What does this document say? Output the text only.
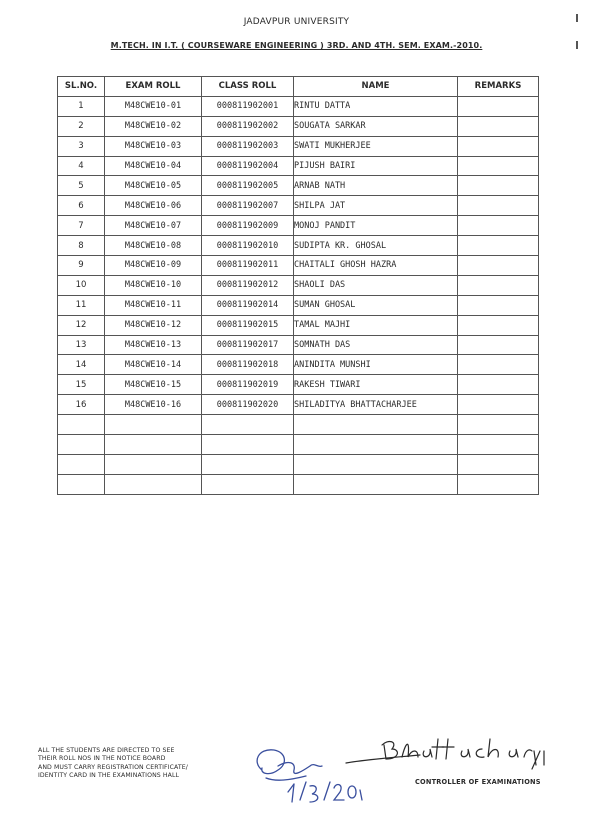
JADAVPUR UNIVERSITY
M.TECH. IN I.T. ( COURSEWARE ENGINEERING ) 3RD. AND 4TH. SEM. EXAM.-2010.
SL.NO.	EXAM ROLL	CLASS ROLL	NAME	REMARKS
1	M48CWE10-01	000811902001	RINTU DATTA	
2	M48CWE10-02	000811902002	SOUGATA SARKAR	
3	M48CWE10-03	000811902003	SWATI MUKHERJEE	
4	M48CWE10-04	000811902004	PIJUSH BAIRI	
5	M48CWE10-05	000811902005	ARNAB NATH	
6	M48CWE10-06	000811902007	SHILPA JAT	
7	M48CWE10-07	000811902009	MONOJ PANDIT	
8	M48CWE10-08	000811902010	SUDIPTA KR. GHOSAL	
9	M48CWE10-09	000811902011	CHAITALI GHOSH HAZRA	
10	M48CWE10-10	000811902012	SHAOLI DAS	
11	M48CWE10-11	000811902014	SUMAN GHOSAL	
12	M48CWE10-12	000811902015	TAMAL MAJHI	
13	M48CWE10-13	000811902017	SOMNATH DAS	
14	M48CWE10-14	000811902018	ANINDITA MUNSHI	
15	M48CWE10-15	000811902019	RAKESH TIWARI	
16	M48CWE10-16	000811902020	SHILADITYA BHATTACHARJEE	

ALL THE STUDENTS ARE DIRECTED TO SEE
THEIR ROLL NOS IN THE NOTICE BOARD
AND MUST CARRY REGISTRATION CERTIFICATE/
IDENTITY CARD IN THE EXAMINATIONS HALL
CONTROLLER OF EXAMINATIONS
